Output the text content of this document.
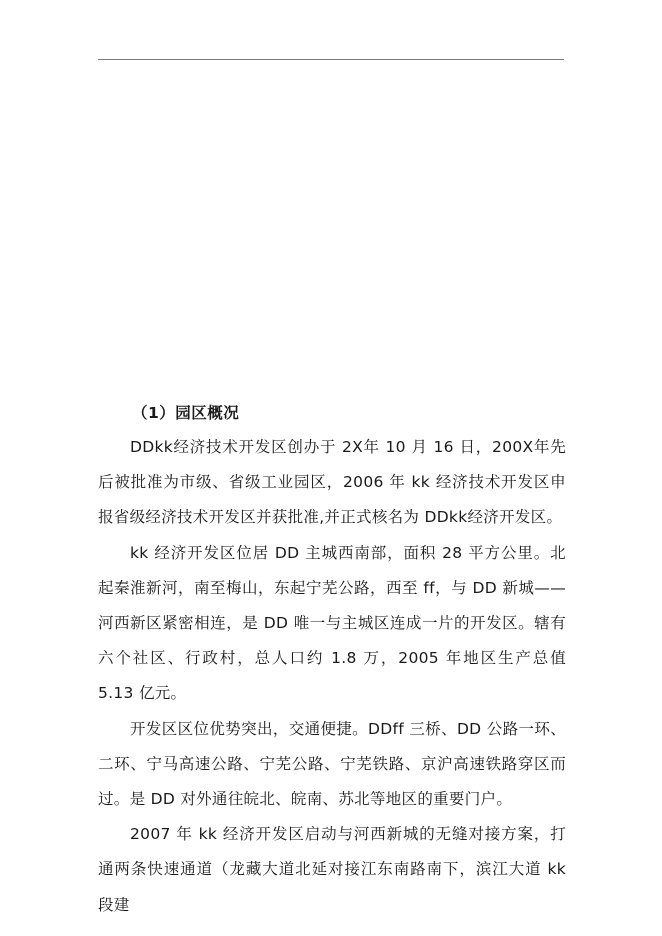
（1）园区概况

DDkk经济技术开发区创办于 2X年 10 月 16 日，200X年先后被批准为市级、省级工业园区，2006 年 kk 经济技术开发区申报省级经济技术开发区并获批准,并正式核名为 DDkk经济开发区。

kk 经济开发区位居 DD 主城西南部，面积 28 平方公里。北起秦淮新河，南至梅山，东起宁芜公路，西至 ff，与 DD 新城——河西新区紧密相连，是 DD 唯一与主城区连成一片的开发区。辖有六个社区、行政村，总人口约 1.8 万，2005 年地区生产总值 5.13 亿元。

开发区区位优势突出，交通便捷。DDff 三桥、DD 公路一环、二环、宁马高速公路、宁芜公路、宁芜铁路、京沪高速铁路穿区而过。是 DD 对外通往皖北、皖南、苏北等地区的重要门户。

2007 年 kk 经济开发区启动与河西新城的无缝对接方案，打通两条快速通道（龙藏大道北延对接江东南路南下，滨江大道 kk 段建
